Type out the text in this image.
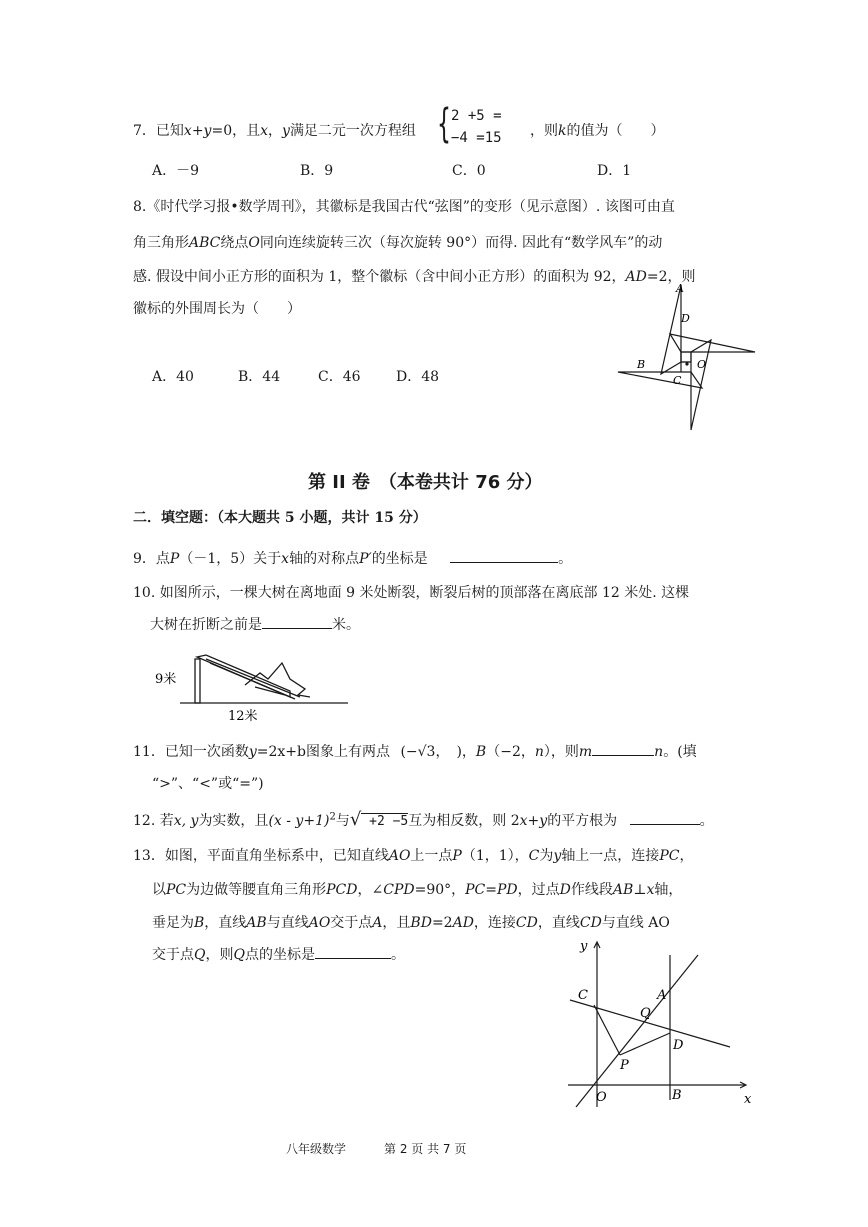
7．已知x+y=0，且x，y满足二元一次方程组 { 2 +5 =
−4 =15 ，则k的值为（　　）
A．－9	B．9	C．0	D．1
8.《时代学习报•数学周刊》，其徽标是我国古代“弦图”的变形（见示意图）. 该图可由直
角三角形ABC绕点O同向连续旋转三次（每次旋转 90°）而得. 因此有“数学风车”的动
感. 假设中间小正方形的面积为 1，整个徽标（含中间小正方形）的面积为 92，AD=2，则
徽标的外围周长为（　　）
A．40	B．44	C．46	D．48
A
D
B	O
C
第 II 卷　（本卷共计 76 分）
二．填空题：（本大题共 5 小题，共计 15 分）
9．点P（－1，5）关于x轴的对称点P′的坐标是	。
10. 如图所示，一棵大树在离地面 9 米处断裂，断裂后树的顶部落在离底部 12 米处. 这棵
大树在折断之前是	米。
9米
12米
11．已知一次函数y=2x+b图象上有两点 (−√3，　)，B（−2，n），则m	n。(填
“>”、“<”或“=”)
12. 若x, y为实数，且$(x - y+1)^2$与√ +2 −5互为相反数，则 2x+y的平方根为	。
13．如图，平面直角坐标系中，已知直线AO上一点P（1，1），C为y轴上一点，连接PC，
以PC为边做等腰直角三角形PCD，∠CPD=90°，PC=PD，过点D作线段AB⊥x轴，
垂足为B，直线AB与直线AO交于点A，且BD=2AD，连接CD，直线CD与直线 AO
交于点Q，则Q点的坐标是	。
y
C	A
Q
D
P
O	B	x
八年级数学	第 2 页 共 7 页
